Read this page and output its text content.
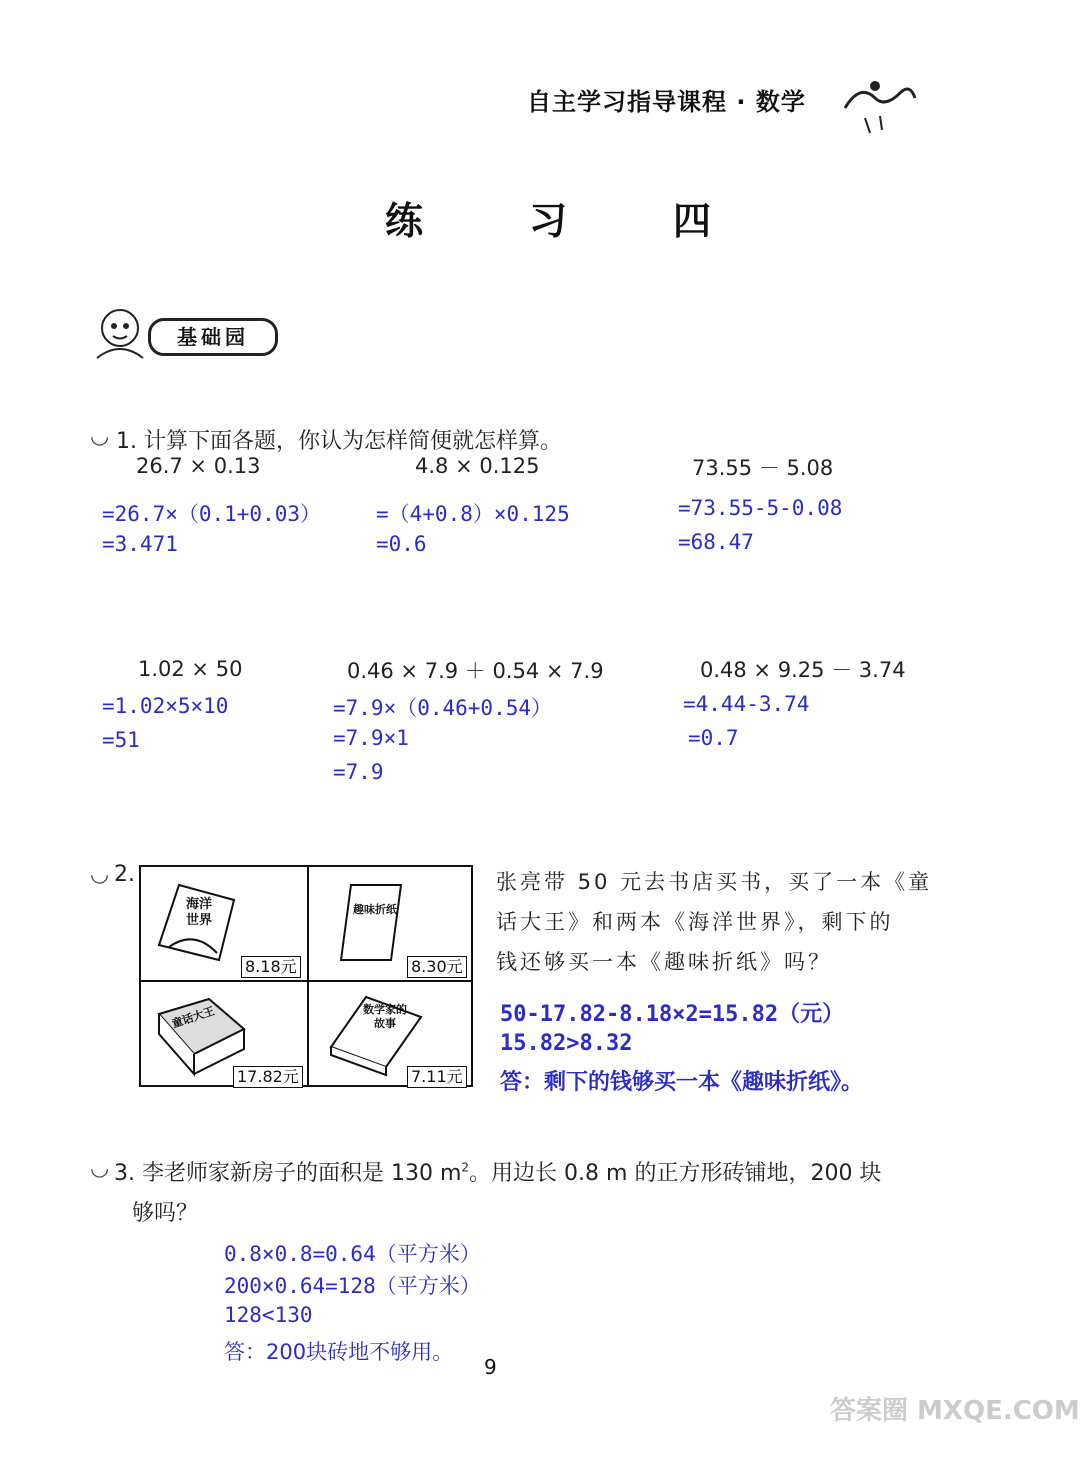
自主学习指导课程 · 数学
练　习　四
基础园
◡ 1. 计算下面各题，你认为怎样简便就怎样算。
26.7 × 0.13
=26.7×（0.1+0.03）
=3.471
4.8 × 0.125
=（4+0.8）×0.125
=0.6
73.55 － 5.08
=73.55-5-0.08
=68.47
1.02 × 50
=1.02×5×10
=51
0.46 × 7.9 ＋ 0.54 × 7.9
=7.9×（0.46+0.54）
=7.9×1
=7.9
0.48 × 9.25 － 3.74
=4.44-3.74
=0.7
◡ 2.
海洋世界
8.18元
趣味折纸
8.30元
童话大王
17.82元
数学家的故事
7.11元
张亮带 50 元去书店买书，买了一本《童
话大王》和两本《海洋世界》，剩下的
钱还够买一本《趣味折纸》吗？
50-17.82-8.18×2=15.82（元）
15.82>8.32
答：剩下的钱够买一本《趣味折纸》。
◡ 3. 李老师家新房子的面积是 130 $m^2$。用边长 0.8 m 的正方形砖铺地，200 块
够吗？
0.8×0.8=0.64（平方米）
200×0.64=128（平方米）
128<130
答：200块砖地不够用。
9
答案圈 MXQE.COM
